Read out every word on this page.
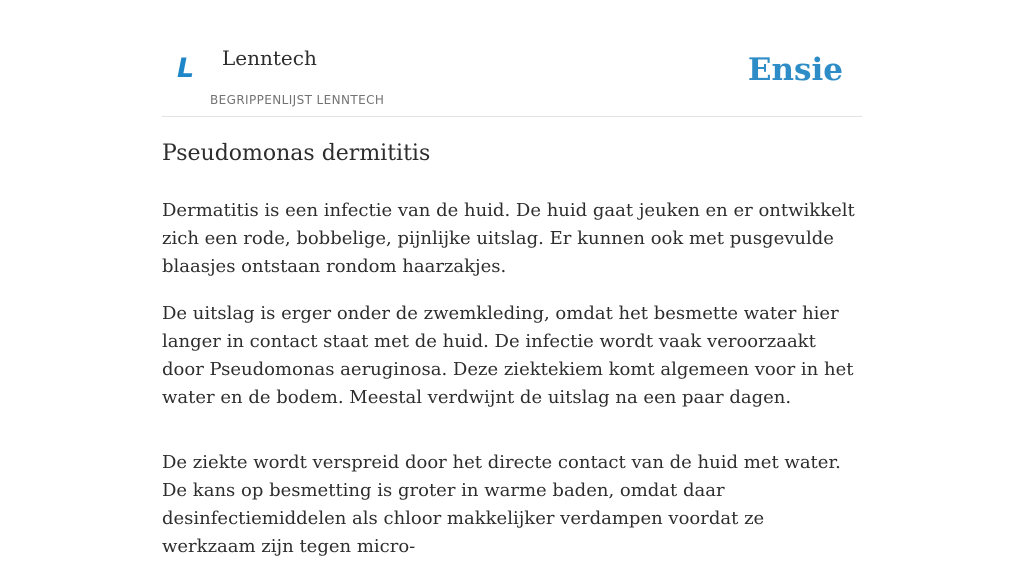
L Lenntech
BEGRIPPENLIJST LENNTECH
Ensie
Pseudomonas dermititis

Dermatitis is een infectie van de huid. De huid gaat jeuken en er ontwikkelt zich een rode, bobbelige, pijnlijke uitslag. Er kunnen ook met pusgevulde blaasjes ontstaan rondom haarzakjes.

De uitslag is erger onder de zwemkleding, omdat het besmette water hier langer in contact staat met de huid. De infectie wordt vaak veroorzaakt door Pseudomonas aeruginosa. Deze ziektekiem komt algemeen voor in het water en de bodem. Meestal verdwijnt de uitslag na een paar dagen.

De ziekte wordt verspreid door het directe contact van de huid met water. De kans op besmetting is groter in warme baden, omdat daar desinfectiemiddelen als chloor makkelijker verdampen voordat ze werkzaam zijn tegen micro-
